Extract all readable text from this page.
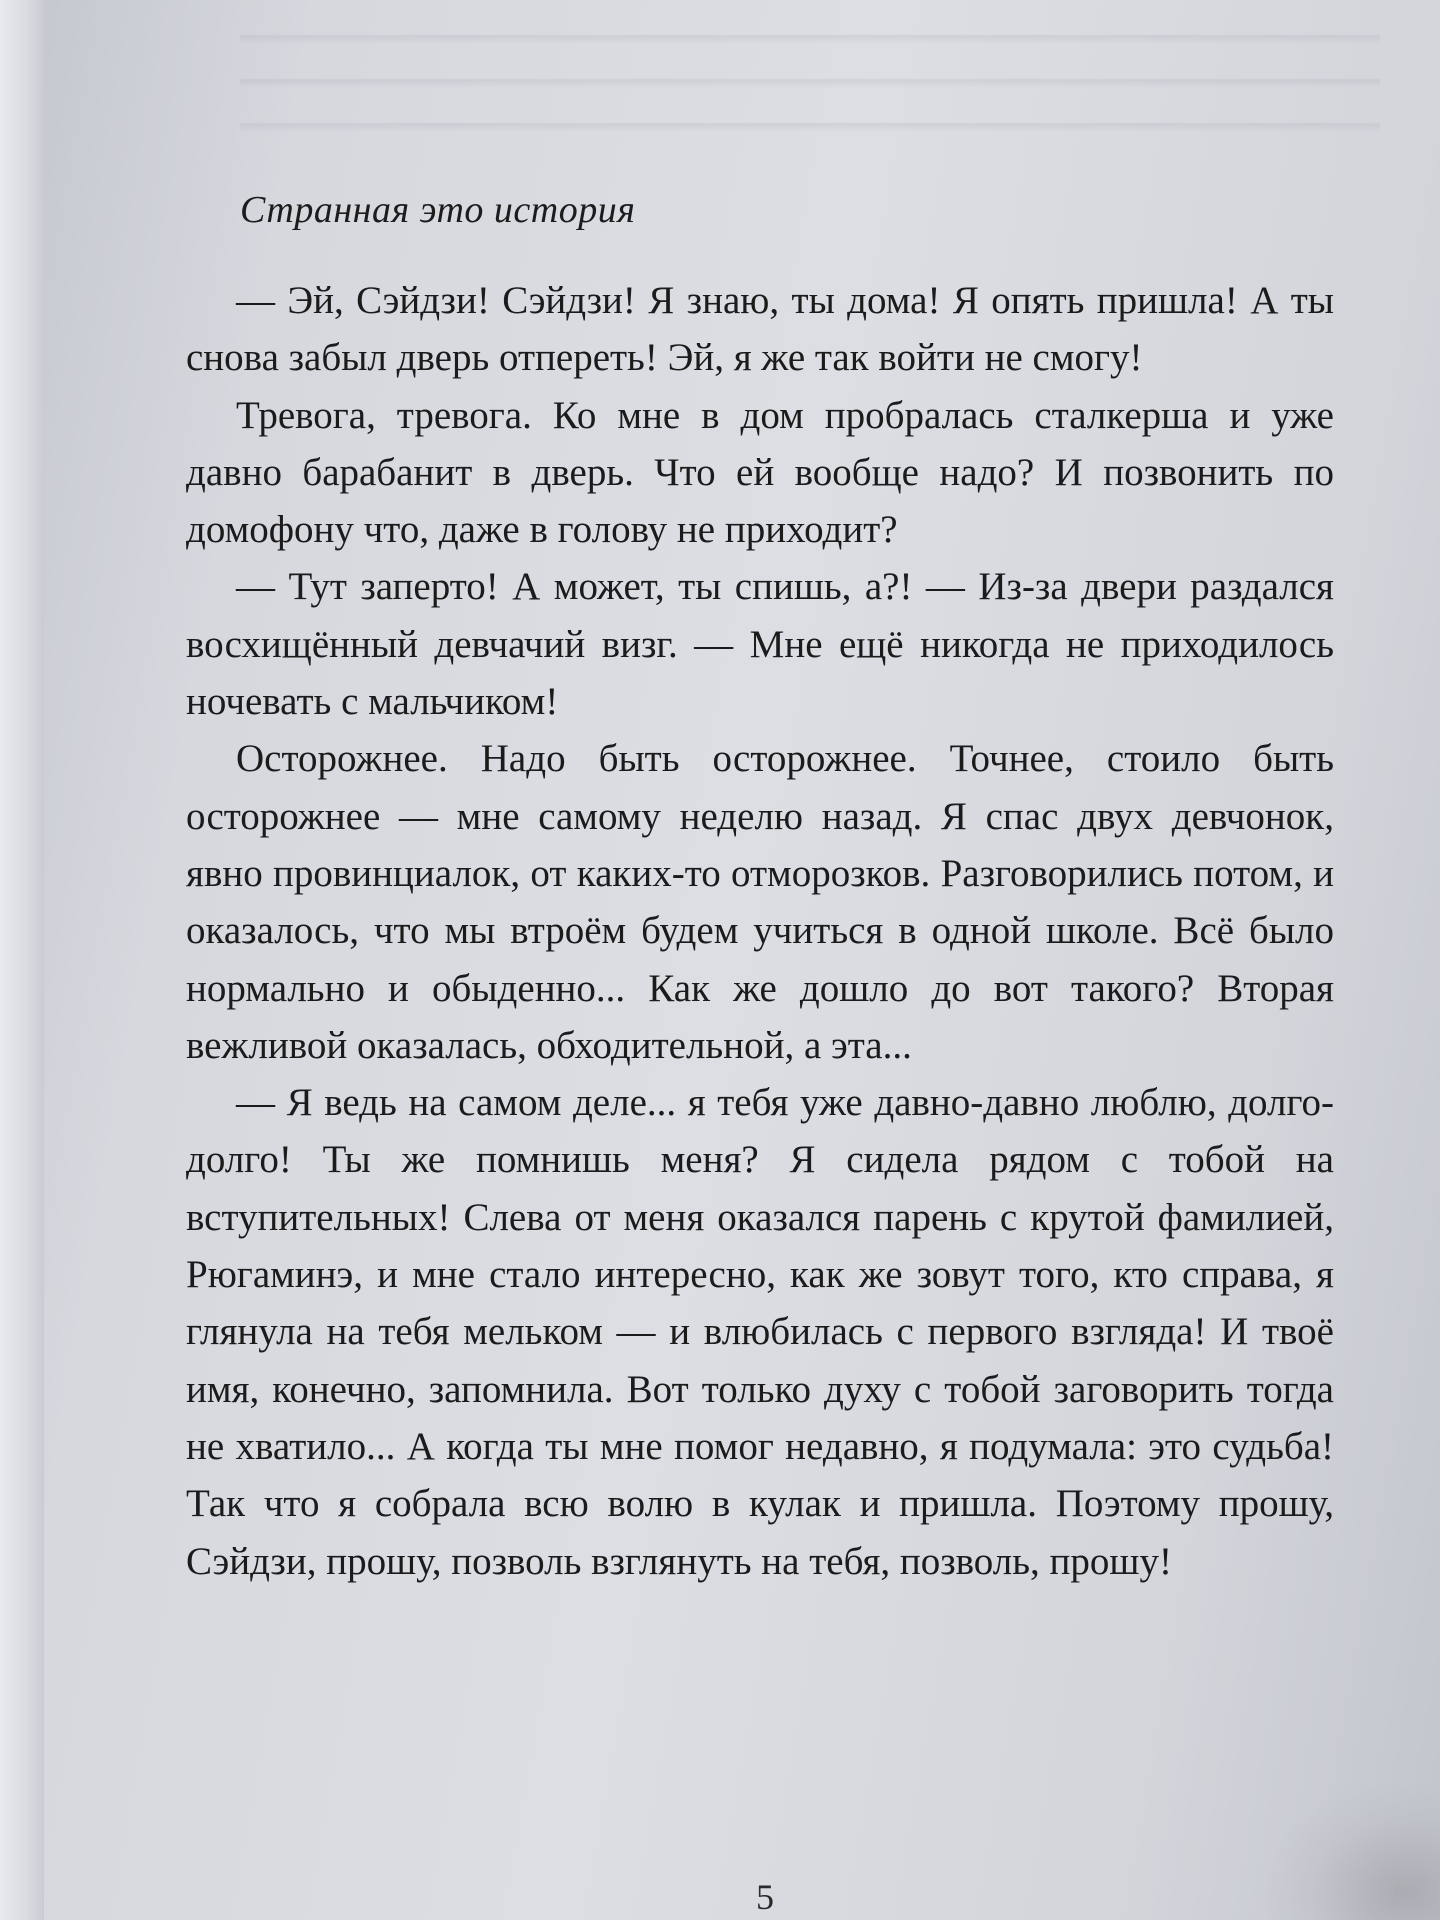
Странная это история

— Эй, Сэйдзи! Сэйдзи! Я знаю, ты дома! Я опять пришла! А ты снова забыл дверь отпереть! Эй, я же так войти не смогу!

Тревога, тревога. Ко мне в дом пробралась сталкерша и уже давно барабанит в дверь. Что ей вообще надо? И позвонить по домофону что, даже в голову не приходит?

— Тут заперто! А может, ты спишь, а?! — Из-за двери раздался восхищённый девчачий визг. — Мне ещё никогда не приходилось ночевать с мальчиком!

Осторожнее. Надо быть осторожнее. Точнее, стоило быть осторожнее — мне самому неделю назад. Я спас двух девчонок, явно провинциалок, от каких-то отморозков. Разговорились потом, и оказалось, что мы втроём будем учиться в одной школе. Всё было нормально и обыденно... Как же дошло до вот такого? Вторая вежливой оказалась, обходительной, а эта...

— Я ведь на самом деле... я тебя уже давно-давно люблю, долго-долго! Ты же помнишь меня? Я сидела рядом с тобой на вступительных! Слева от меня оказался парень с крутой фамилией, Рюгаминэ, и мне стало интересно, как же зовут того, кто справа, я глянула на тебя мельком — и влюбилась с первого взгляда! И твоё имя, конечно, запомнила. Вот только духу с тобой заговорить тогда не хватило... А когда ты мне помог недавно, я подумала: это судьба! Так что я собрала всю волю в кулак и пришла. Поэтому прошу, Сэйдзи, прошу, позволь взглянуть на тебя, позволь, прошу!

5
